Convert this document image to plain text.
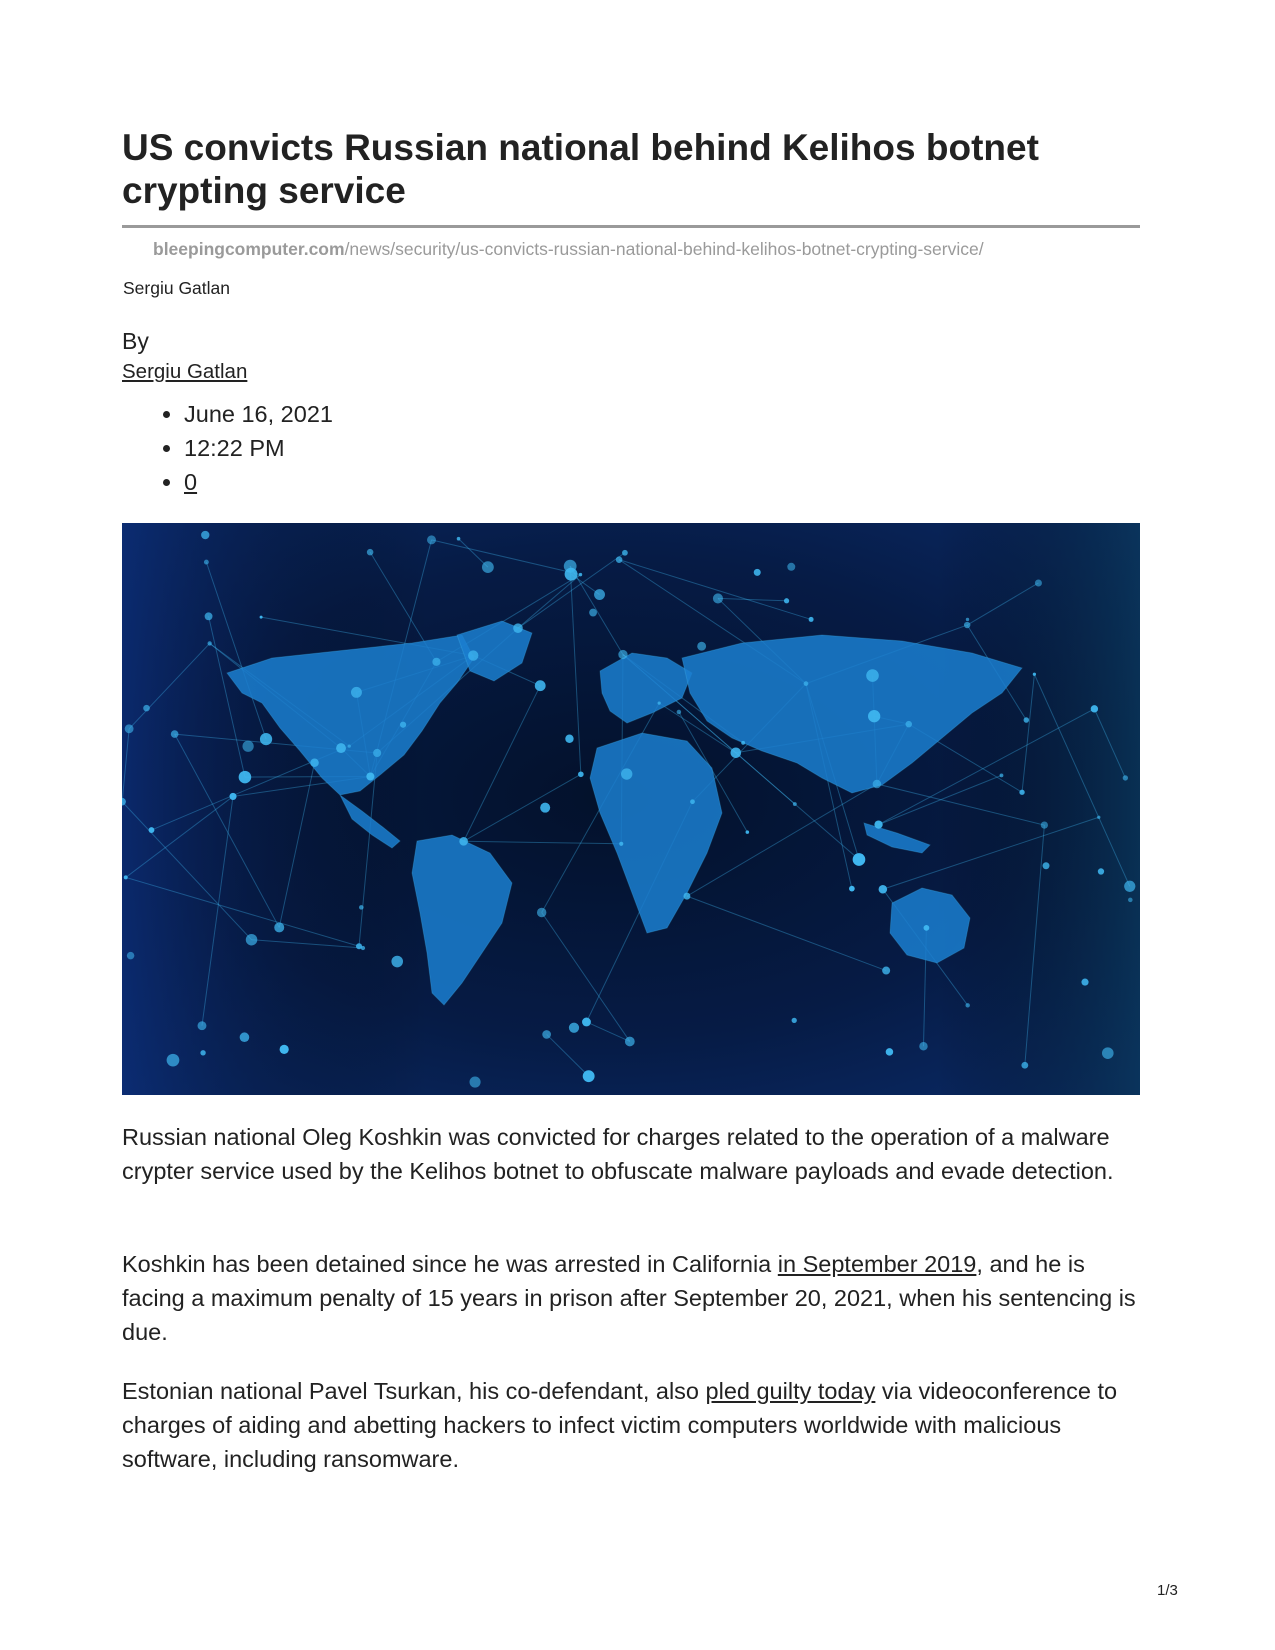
US convicts Russian national behind Kelihos botnet crypting service
bleepingcomputer.com/news/security/us-convicts-russian-national-behind-kelihos-botnet-crypting-service/
Sergiu Gatlan
By
Sergiu Gatlan
• June 16, 2021
• 12:22 PM
• 0

Russian national Oleg Koshkin was convicted for charges related to the operation of a malware crypter service used by the Kelihos botnet to obfuscate malware payloads and evade detection.

Koshkin has been detained since he was arrested in California in September 2019, and he is facing a maximum penalty of 15 years in prison after September 20, 2021, when his sentencing is due.

Estonian national Pavel Tsurkan, his co-defendant, also pled guilty today via videoconference to charges of aiding and abetting hackers to infect victim computers worldwide with malicious software, including ransomware.

1/3
